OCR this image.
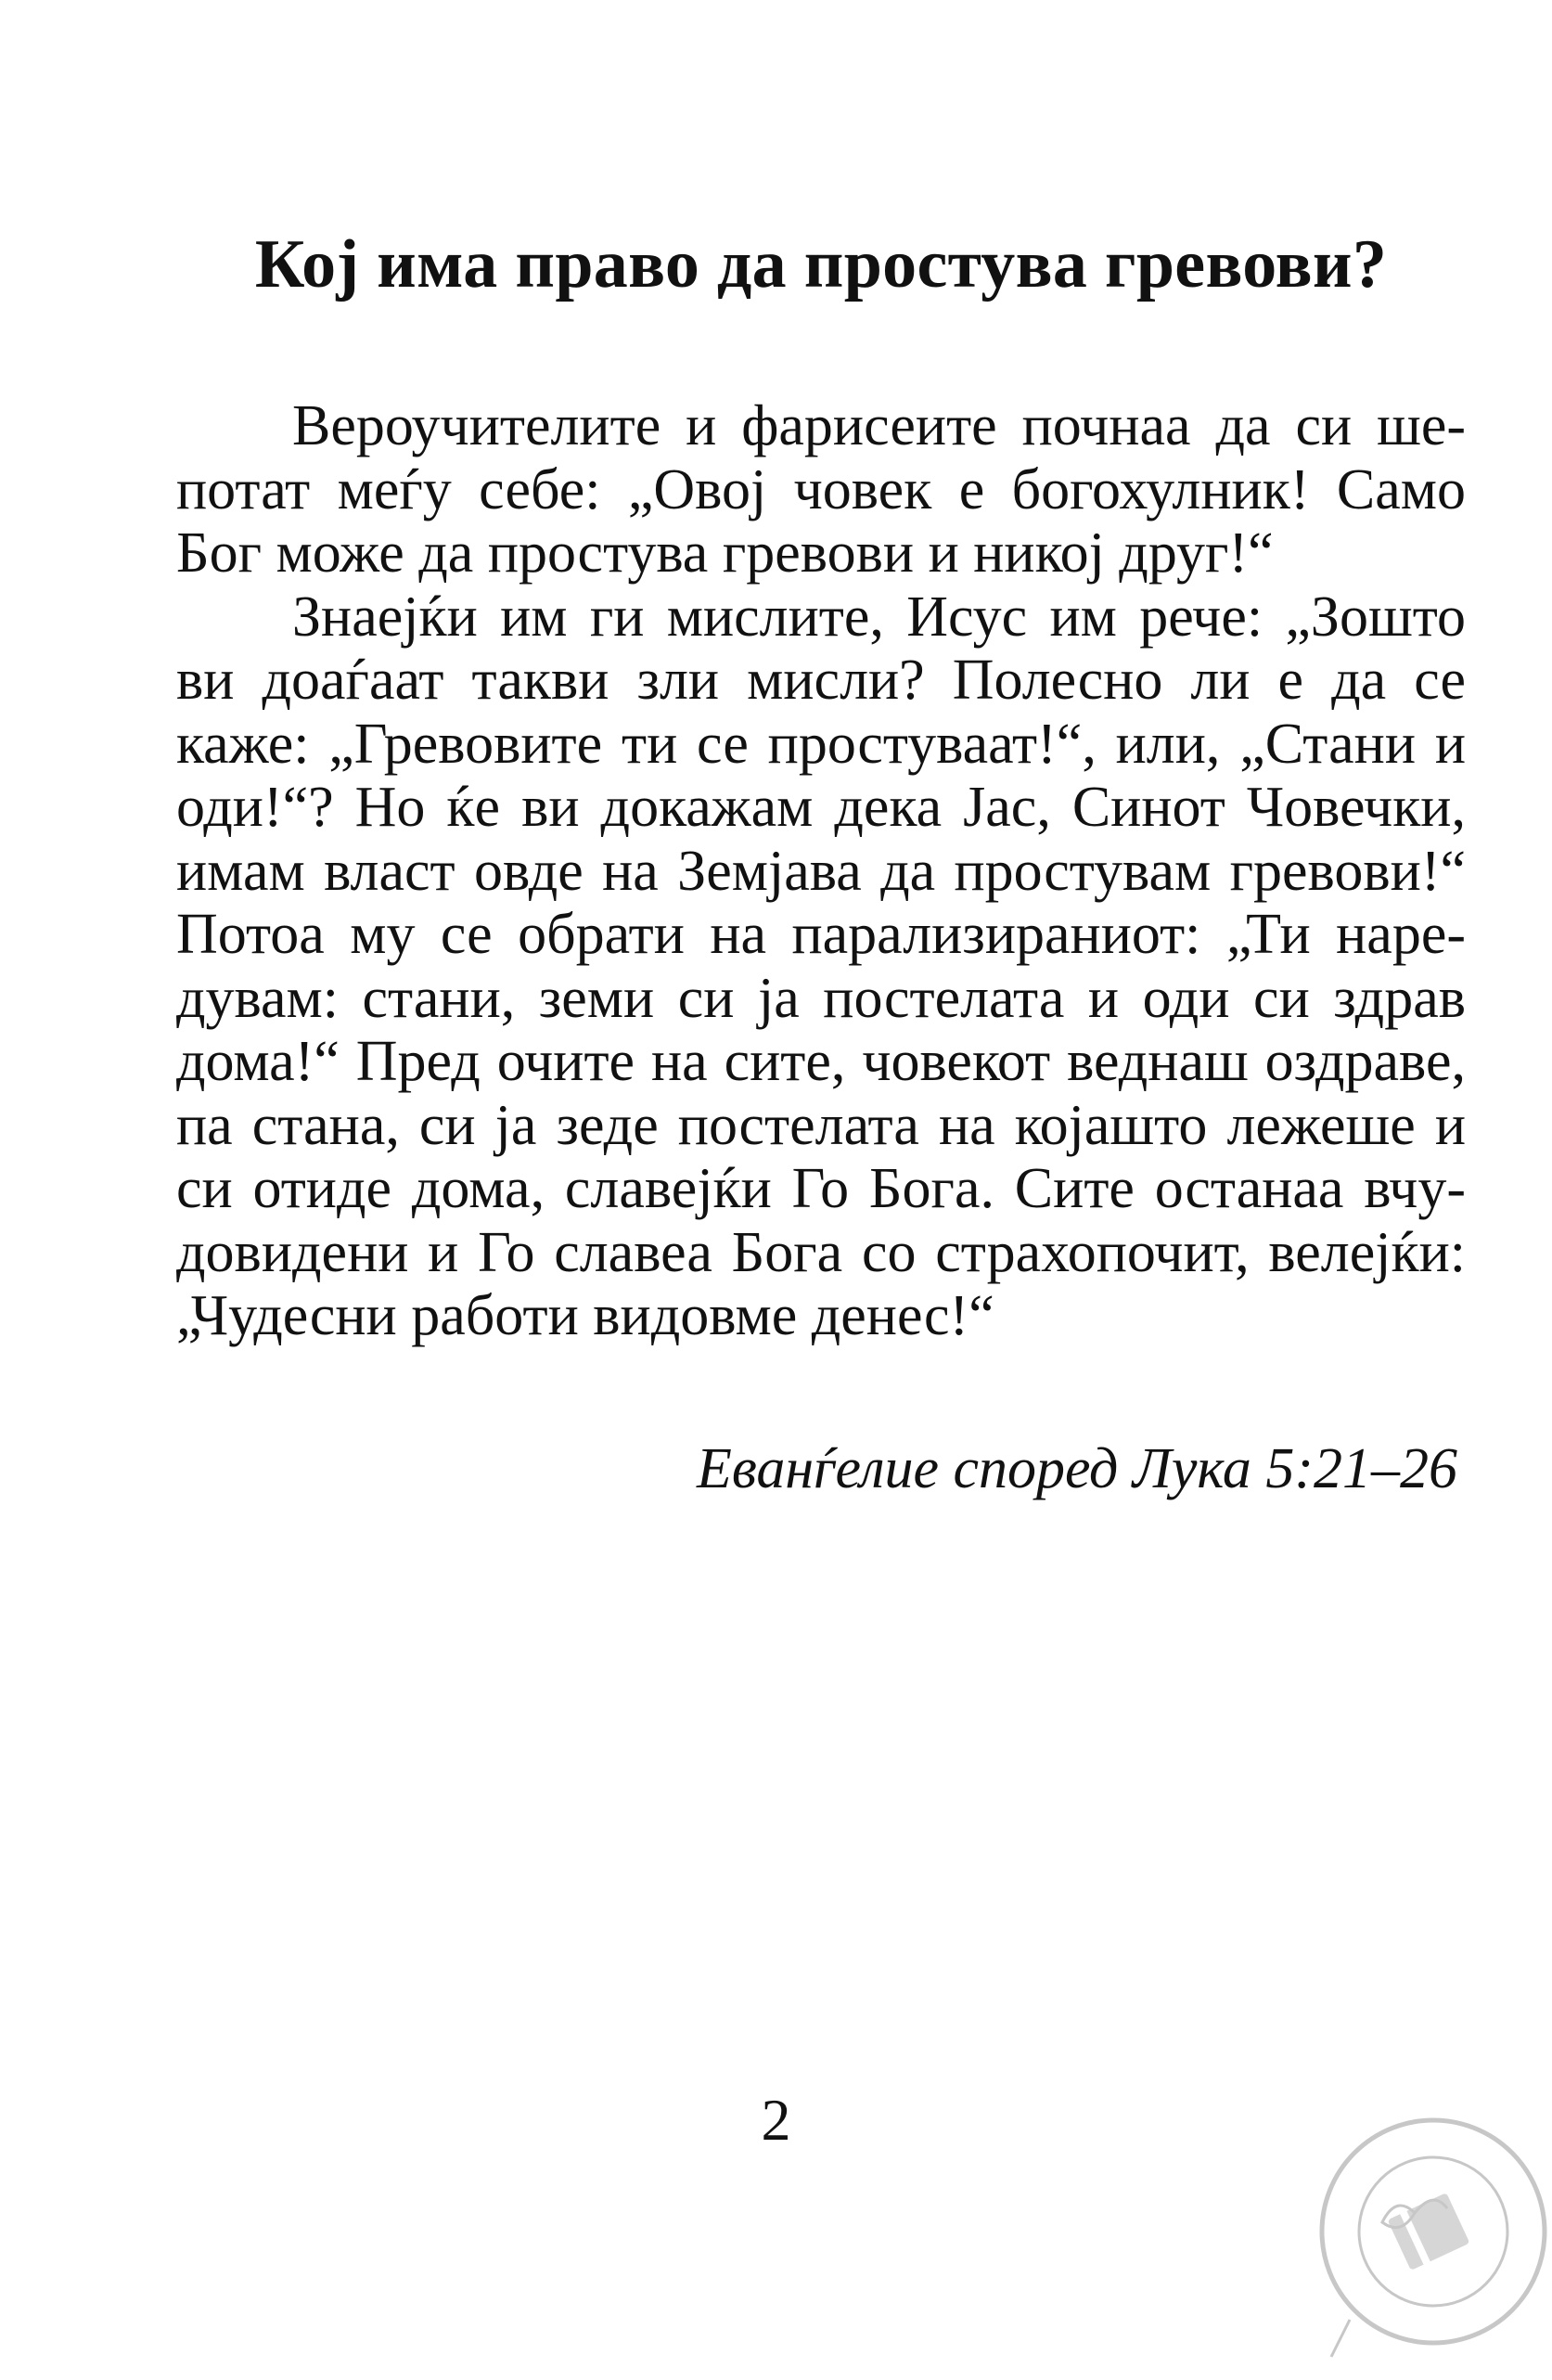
Кој има право да простува гревови?
Вероучителите и фарисеите почнаа да си ше-
потат меѓу себе: „Овој човек е богохулник! Само
Бог може да простува гревови и никој друг!“
Знаејќи им ги мислите, Исус им рече: „Зошто
ви доаѓаат такви зли мисли? Полесно ли е да се
каже: „Гревовите ти се простуваат!“, или, „Стани и
оди!“? Но ќе ви докажам дека Јас, Синот Човечки,
имам власт овде на Земјава да простувам гревови!“
Потоа му се обрати на парализираниот: „Ти наре-
дувам: стани, земи си ја постелата и оди си здрав
дома!“ Пред очите на сите, човекот веднаш оздраве,
па стана, си ја зеде постелата на којашто лежеше и
си отиде дома, славејќи Го Бога. Сите останаа вчу-
довидени и Го славеа Бога со страхопочит, велејќи:
„Чудесни работи видовме денес!“
Еванѓелие според Лука 5:21–26
2
